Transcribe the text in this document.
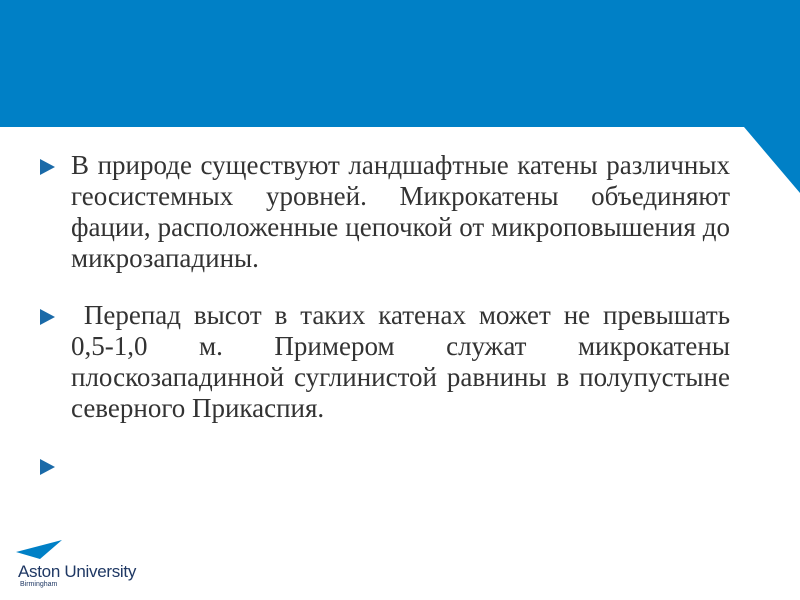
В природе существуют ландшафтные катены различных геосистемных уровней. Микрокатены объединяют фации, расположенные цепочкой от микроповышения до микрозападины.
Перепад высот в таких катенах может не превышать 0,5-1,0 м. Примером служат микрокатены плоскозападинной суглинистой равнины в полупустыне северного Прикаспия.
Aston University
Birmingham
